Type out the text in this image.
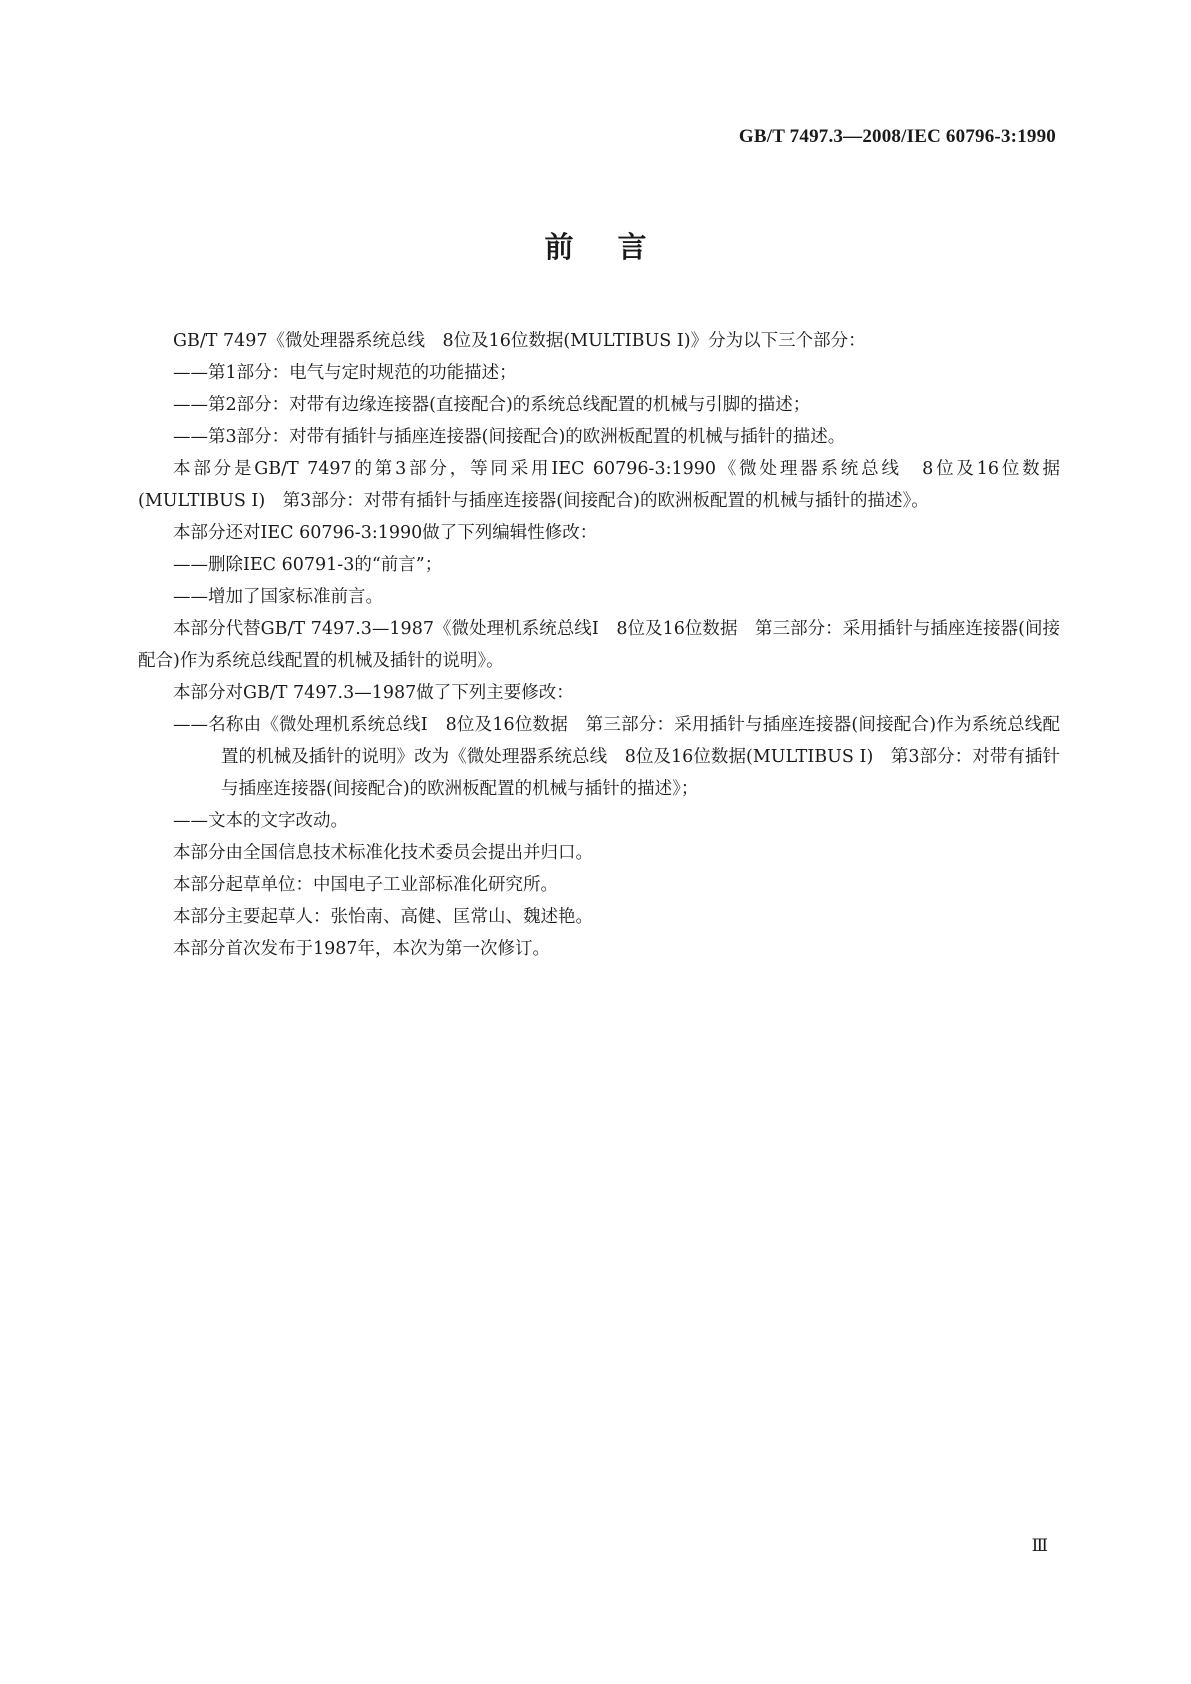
GB/T 7497.3—2008/IEC 60796-3:1990
前言

GB/T 7497《微处理器系统总线　8位及16位数据(MULTIBUS Ⅰ)》分为以下三个部分：

——第1部分：电气与定时规范的功能描述；

——第2部分：对带有边缘连接器(直接配合)的系统总线配置的机械与引脚的描述；

——第3部分：对带有插针与插座连接器(间接配合)的欧洲板配置的机械与插针的描述。

本部分是GB/T 7497的第3部分，等同采用IEC 60796-3:1990《微处理器系统总线　8位及16位数据(MULTIBUS Ⅰ)　第3部分：对带有插针与插座连接器(间接配合)的欧洲板配置的机械与插针的描述》。

本部分还对IEC 60796-3:1990做了下列编辑性修改：

——删除IEC 60791-3的“前言”；

——增加了国家标准前言。

本部分代替GB/T 7497.3—1987《微处理机系统总线Ⅰ　8位及16位数据　第三部分：采用插针与插座连接器(间接配合)作为系统总线配置的机械及插针的说明》。

本部分对GB/T 7497.3—1987做了下列主要修改：

——名称由《微处理机系统总线Ⅰ　8位及16位数据　第三部分：采用插针与插座连接器(间接配合)作为系统总线配置的机械及插针的说明》改为《微处理器系统总线　8位及16位数据(MULTIBUS Ⅰ)　第3部分：对带有插针与插座连接器(间接配合)的欧洲板配置的机械与插针的描述》；

——文本的文字改动。

本部分由全国信息技术标准化技术委员会提出并归口。

本部分起草单位：中国电子工业部标准化研究所。

本部分主要起草人：张怡南、高健、匡常山、魏述艳。

本部分首次发布于1987年，本次为第一次修订。

Ⅲ
